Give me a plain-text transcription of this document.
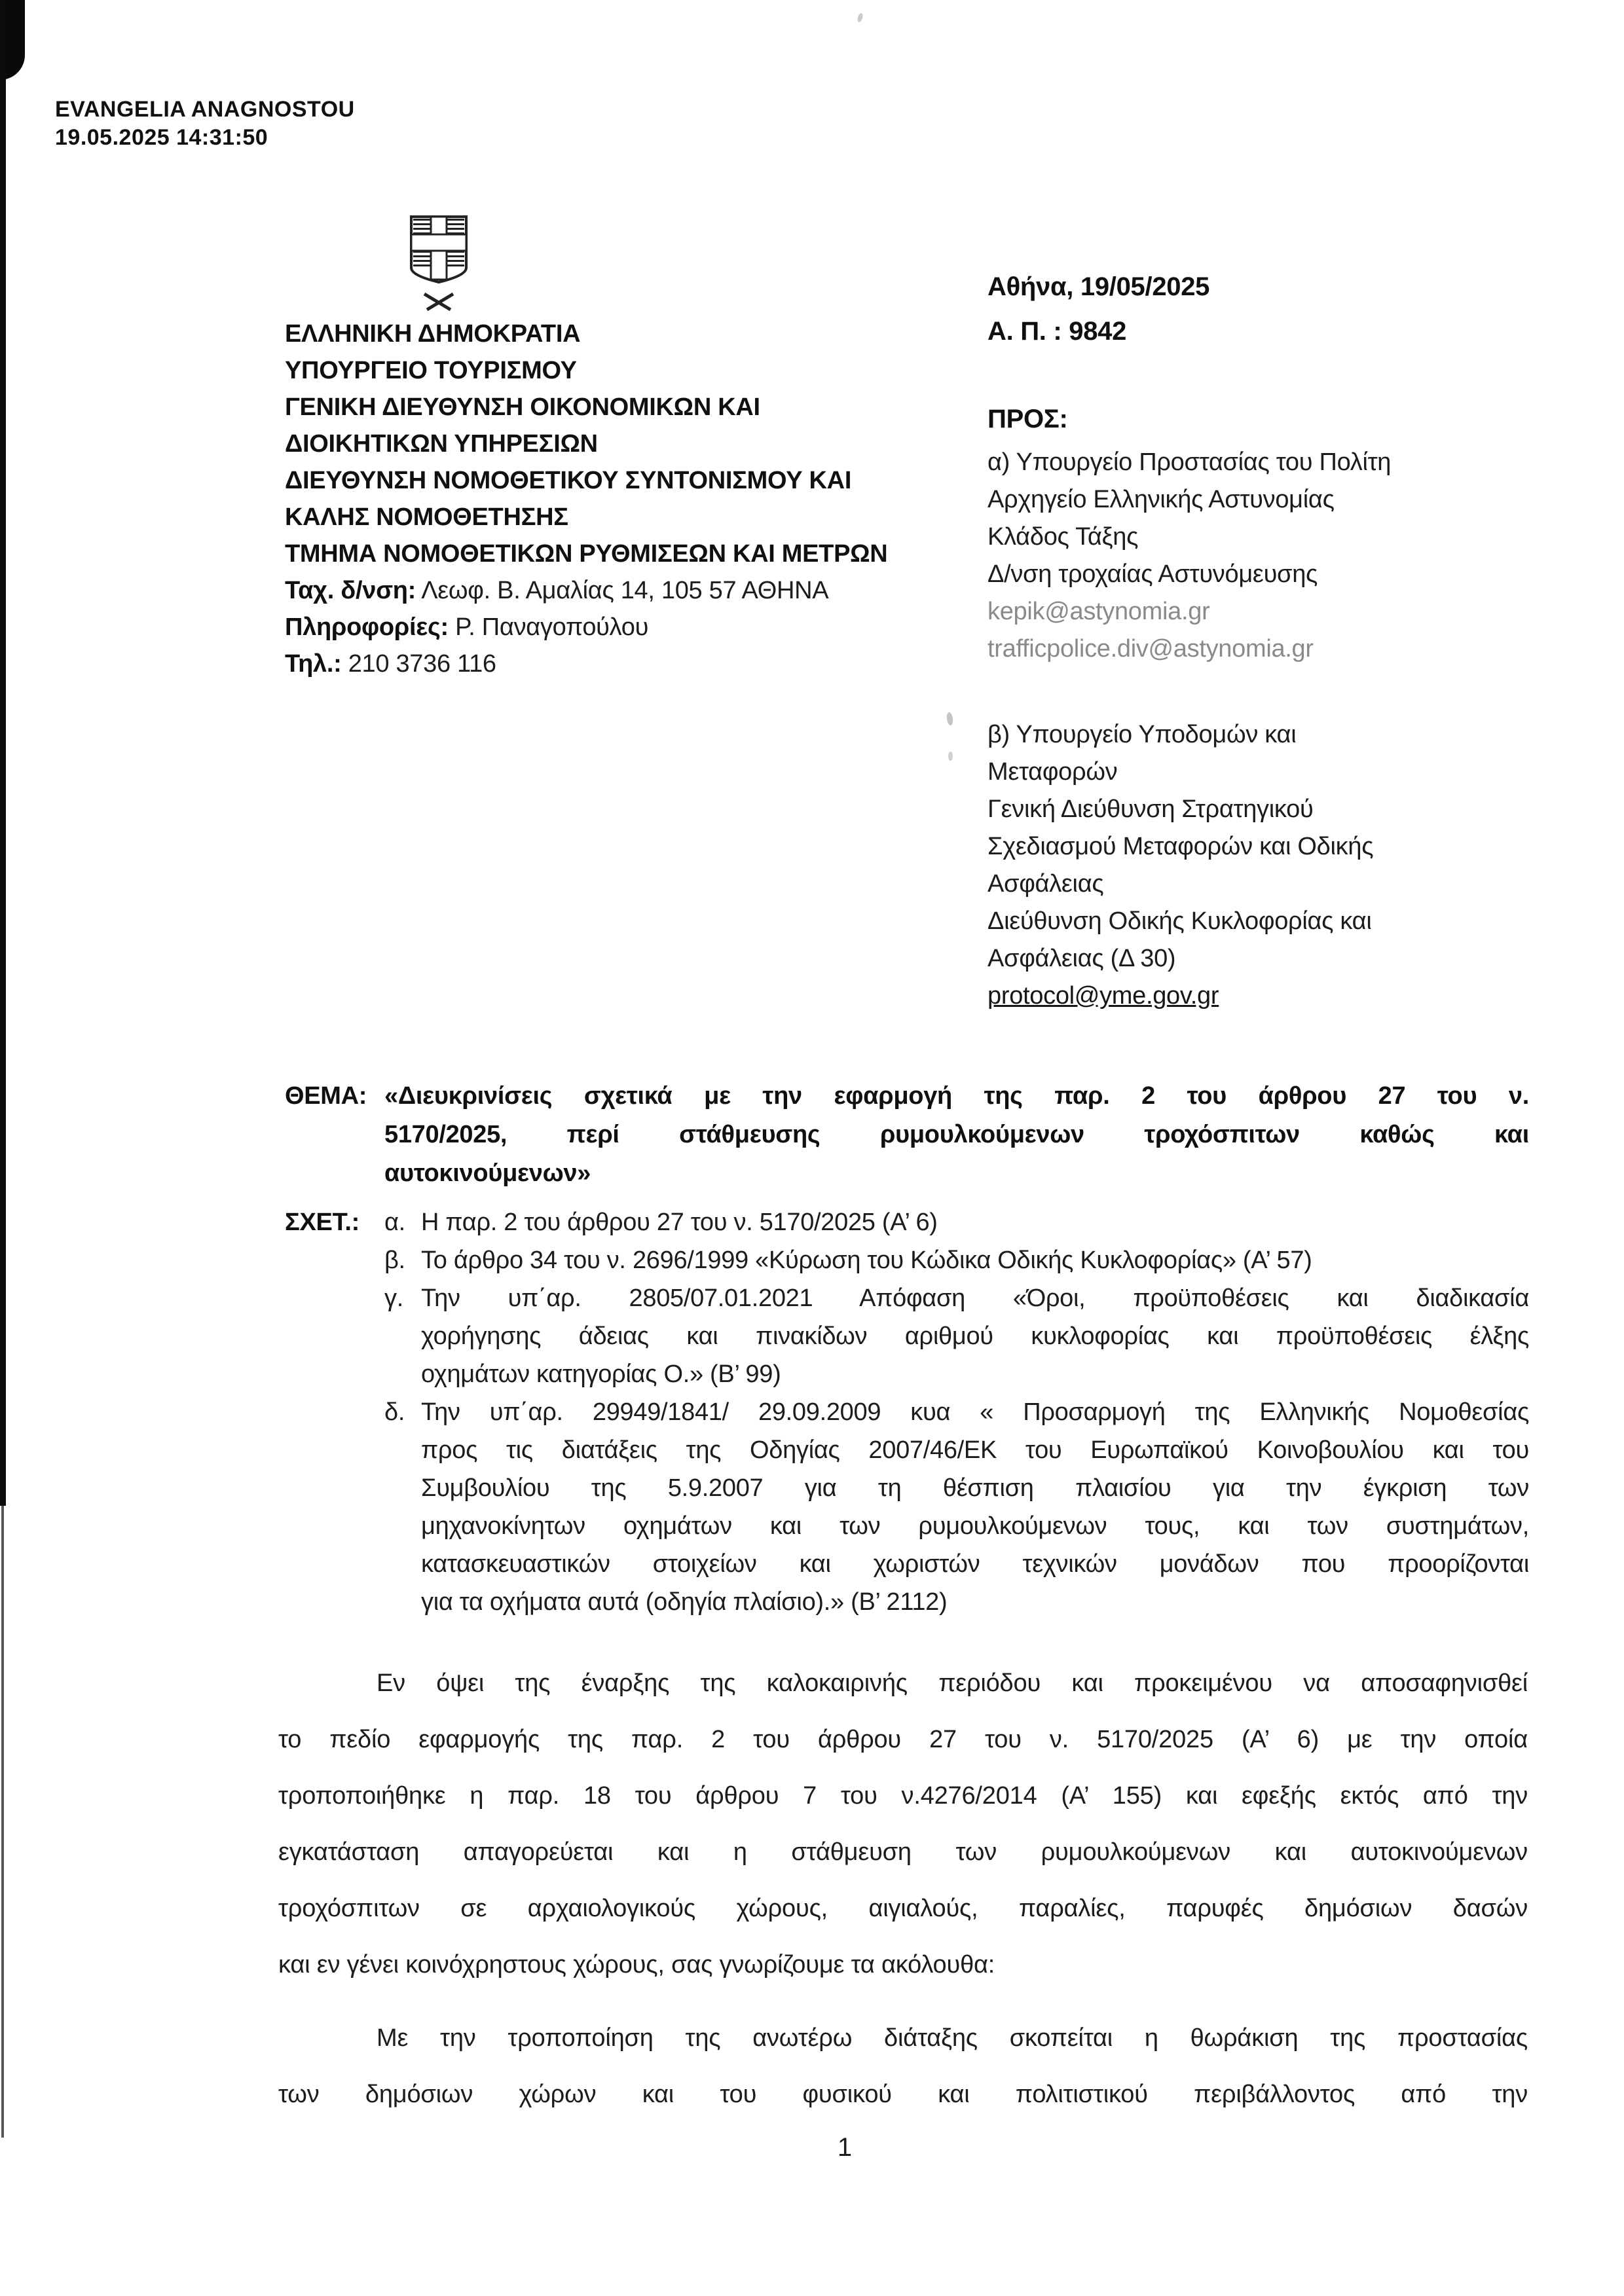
EVANGELIA ANAGNOSTOU
19.05.2025 14:31:50
ΕΛΛΗΝΙΚΗ ΔΗΜΟΚΡΑΤΙΑ
ΥΠΟΥΡΓΕΙΟ ΤΟΥΡΙΣΜΟΥ
ΓΕΝΙΚΗ ΔΙΕΥΘΥΝΣΗ ΟΙΚΟΝΟΜΙΚΩΝ ΚΑΙ
ΔΙΟΙΚΗΤΙΚΩΝ ΥΠΗΡΕΣΙΩΝ
ΔΙΕΥΘΥΝΣΗ ΝΟΜΟΘΕΤΙΚΟΥ ΣΥΝΤΟΝΙΣΜΟΥ ΚΑΙ
ΚΑΛΗΣ ΝΟΜΟΘΕΤΗΣΗΣ
ΤΜΗΜΑ ΝΟΜΟΘΕΤΙΚΩΝ ΡΥΘΜΙΣΕΩΝ ΚΑΙ ΜΕΤΡΩΝ
Ταχ. δ/νση: Λεωφ. Β. Αμαλίας 14, 105 57 ΑΘΗΝΑ
Πληροφορίες: Ρ. Παναγοπούλου
Τηλ.: 210 3736 116
Αθήνα, 19/05/2025
Α. Π. : 9842
ΠΡΟΣ:
α) Υπουργείο Προστασίας του Πολίτη
Αρχηγείο Ελληνικής Αστυνομίας
Κλάδος Τάξης
Δ/νση τροχαίας Αστυνόμευσης
kepik@astynomia.gr
trafficpolice.div@astynomia.gr
β) Υπουργείο Υποδομών και
Μεταφορών
Γενική Διεύθυνση Στρατηγικού
Σχεδιασμού Μεταφορών και Οδικής
Ασφάλειας
Διεύθυνση Οδικής Κυκλοφορίας και
Ασφάλειας (Δ 30)
protocol@yme.gov.gr
ΘΕΜΑ: «Διευκρινίσεις σχετικά με την εφαρμογή της παρ. 2 του άρθρου 27 του ν.
5170/2025, περί στάθμευσης ρυμουλκούμενων τροχόσπιτων καθώς και
αυτοκινούμενων»
ΣΧΕΤ.:	α. Η παρ. 2 του άρθρου 27 του ν. 5170/2025 (Α’ 6)
β. Το άρθρο 34 του ν. 2696/1999 «Κύρωση του Κώδικα Οδικής Κυκλοφορίας» (Α’ 57)
γ. Την υπ΄αρ. 2805/07.01.2021 Απόφαση «Όροι, προϋποθέσεις και διαδικασία
χορήγησης άδειας και πινακίδων αριθμού κυκλοφορίας και προϋποθέσεις έλξης
οχημάτων κατηγορίας Ο.» (Β’ 99)
δ. Την υπ΄αρ. 29949/1841/ 29.09.2009 κυα « Προσαρμογή της Ελληνικής Νομοθεσίας
προς τις διατάξεις της Οδηγίας 2007/46/ΕΚ του Ευρωπαϊκού Κοινοβουλίου και του
Συμβουλίου της 5.9.2007 για τη θέσπιση πλαισίου για την έγκριση των
μηχανοκίνητων οχημάτων και των ρυμουλκούμενων τους, και των συστημάτων,
κατασκευαστικών στοιχείων και χωριστών τεχνικών μονάδων που προορίζονται
για τα οχήματα αυτά (οδηγία πλαίσιο).» (Β’ 2112)
Εν όψει της έναρξης της καλοκαιρινής περιόδου και προκειμένου να αποσαφηνισθεί
το πεδίο εφαρμογής της παρ. 2 του άρθρου 27 του ν. 5170/2025 (Α’ 6) με την οποία
τροποποιήθηκε η παρ. 18 του άρθρου 7 του ν.4276/2014 (Α’ 155) και εφεξής εκτός από την
εγκατάσταση απαγορεύεται και η στάθμευση των ρυμουλκούμενων και αυτοκινούμενων
τροχόσπιτων σε αρχαιολογικούς χώρους, αιγιαλούς, παραλίες, παρυφές δημόσιων δασών
και εν γένει κοινόχρηστους χώρους, σας γνωρίζουμε τα ακόλουθα:
Με την τροποποίηση της ανωτέρω διάταξης σκοπείται η θωράκιση της προστασίας
των δημόσιων χώρων και του φυσικού και πολιτιστικού περιβάλλοντος από την
1
